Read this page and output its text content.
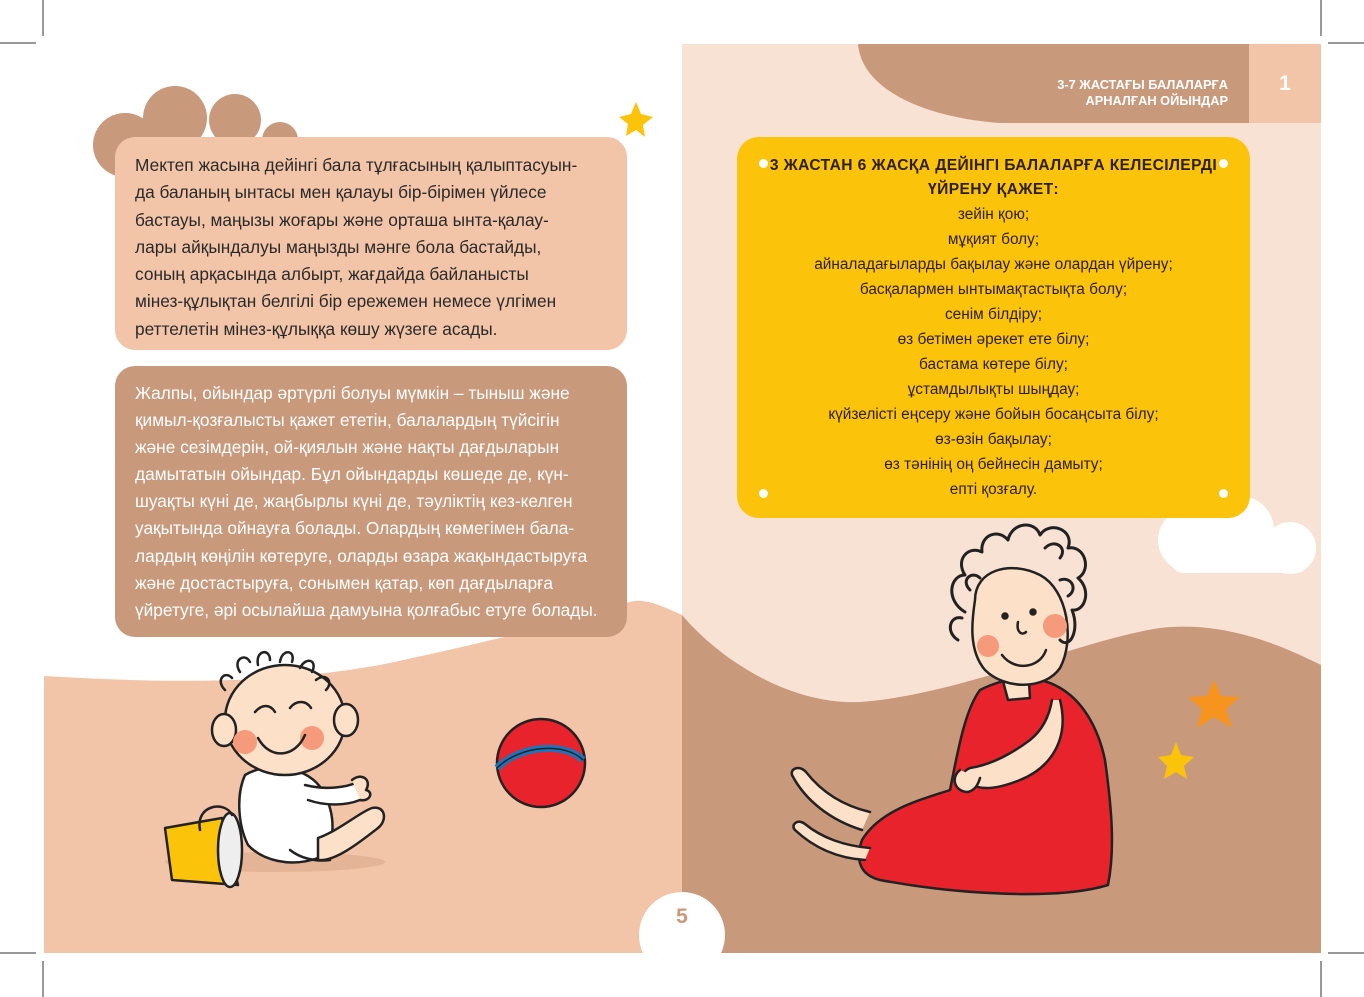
3-7 ЖАСТАҒЫ БАЛАЛАРҒА
АРНАЛҒАН ОЙЫНДАР
1

Мектеп жасына дейінгі бала тұлғасының қалыптасуын-

да баланың ынтасы мен қалауы бір-бірімен үйлесе

бастауы, маңызы жоғары және орташа ынта-қалау-

лары айқындалуы маңызды мәнге бола бастайды,

соның арқасында албырт, жағдайда байланысты

мінез-құлықтан белгілі бір ережемен немесе үлгімен

реттелетін мінез-құлыққа көшу жүзеге асады.

Жалпы, ойындар әртүрлі болуы мүмкін – тыныш және

қимыл-қозғалысты қажет ететін, балалардың түйсігін

және сезімдерін, ой-қиялын және нақты дағдыларын

дамытатын ойындар. Бұл ойындарды көшеде де, күн-

шуақты күні де, жаңбырлы күні де, тәуліктің кез-келген

уақытында ойнауға болады. Олардың көмегімен бала-

лардың көңілін көтеруге, оларды өзара жақындастыруға

және достастыруға, сонымен қатар, көп дағдыларға

үйретуге, әрі осылайша дамуына қолғабыс етуге болады.

3 ЖАСТАН 6 ЖАСҚА ДЕЙІНГІ БАЛАЛАРҒА КЕЛЕСІЛЕРДІ
ҮЙРЕНУ ҚАЖЕТ:
зейін қою;
мұқият болу;
айналадағыларды бақылау және олардан үйрену;
басқалармен ынтымақтастықта болу;
сенім білдіру;
өз бетімен әрекет ете білу;
бастама көтере білу;
ұстамдылықты шыңдау;
күйзелісті еңсеру және бойын босаңсыта білу;
өз-өзін бақылау;
өз тәнінің оң бейнесін дамыту;
епті қозғалу.
5
